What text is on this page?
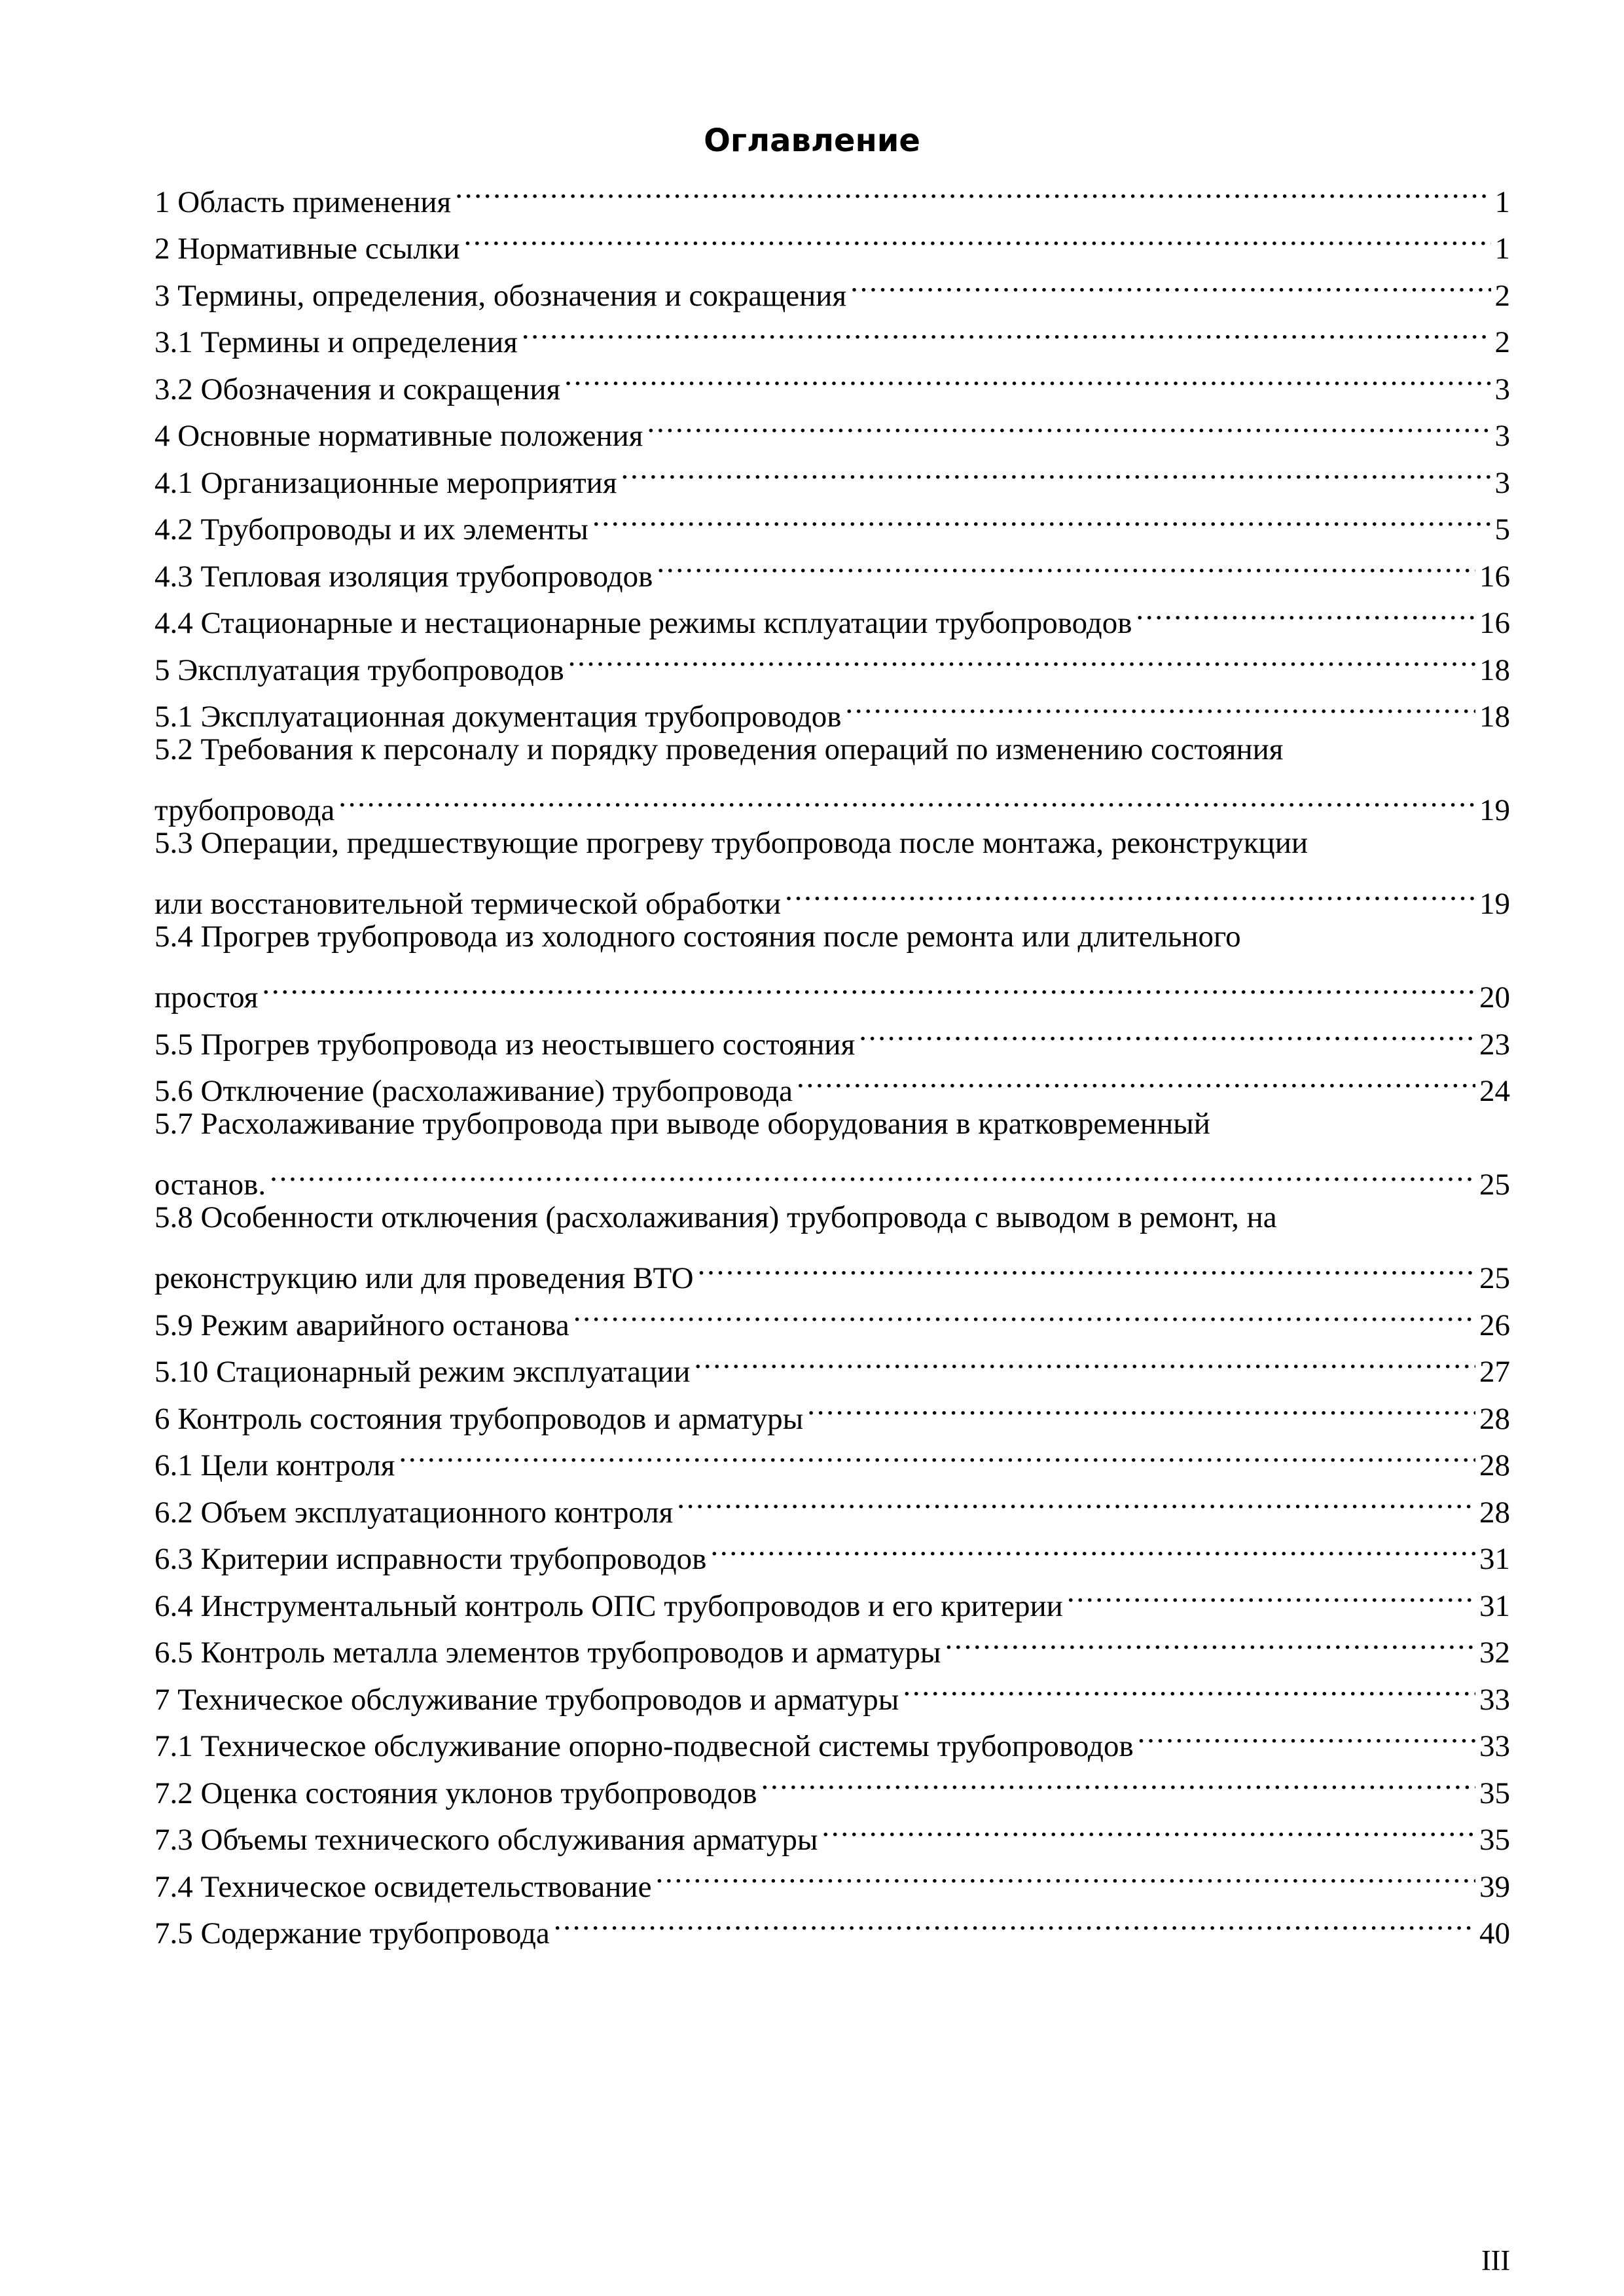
Оглавление
1 Область применения . . .	1
2 Нормативные ссылки . . .	1
3 Термины, определения, обозначения и сокращения . . .	2
3.1 Термины и определения . . .	2
3.2 Обозначения и сокращения . . .	3
4 Основные нормативные положения . . .	3
4.1 Организационные мероприятия . . .	3
4.2 Трубопроводы и их элементы . . .	5
4.3 Тепловая изоляция трубопроводов . . .	16
4.4 Стационарные и нестационарные режимы ксплуатации трубопроводов . . .	16
5 Эксплуатация трубопроводов . . .	18
5.1 Эксплуатационная документация трубопроводов . . .	18
5.2 Требования к персоналу и порядку проведения операций по изменению состояния
трубопровода . . .	19
5.3 Операции, предшествующие прогреву трубопровода после монтажа, реконструкции
или восстановительной термической обработки . . .	19
5.4 Прогрев трубопровода из холодного состояния после ремонта или длительного
простоя . . .	20
5.5 Прогрев трубопровода из неостывшего состояния . . .	23
5.6 Отключение (расхолаживание) трубопровода . . .	24
5.7 Расхолаживание трубопровода при выводе оборудования в кратковременный
останов. . . .	25
5.8 Особенности отключения (расхолаживания) трубопровода с выводом в ремонт, на
реконструкцию или для проведения ВТО . . .	25
5.9 Режим аварийного останова . . .	26
5.10 Стационарный режим эксплуатации . . .	27
6 Контроль состояния трубопроводов и арматуры . . .	28
6.1 Цели контроля . . .	28
6.2 Объем эксплуатационного контроля . . .	28
6.3 Критерии исправности трубопроводов . . .	31
6.4 Инструментальный контроль ОПС трубопроводов и его критерии . . .	31
6.5 Контроль металла элементов трубопроводов и арматуры . . .	32
7 Техническое обслуживание трубопроводов и арматуры . . .	33
7.1 Техническое обслуживание опорно-подвесной системы трубопроводов . . .	33
7.2 Оценка состояния уклонов трубопроводов . . .	35
7.3 Объемы технического обслуживания арматуры . . .	35
7.4 Техническое освидетельствование . . .	39
7.5 Содержание трубопровода . . .	40
III
